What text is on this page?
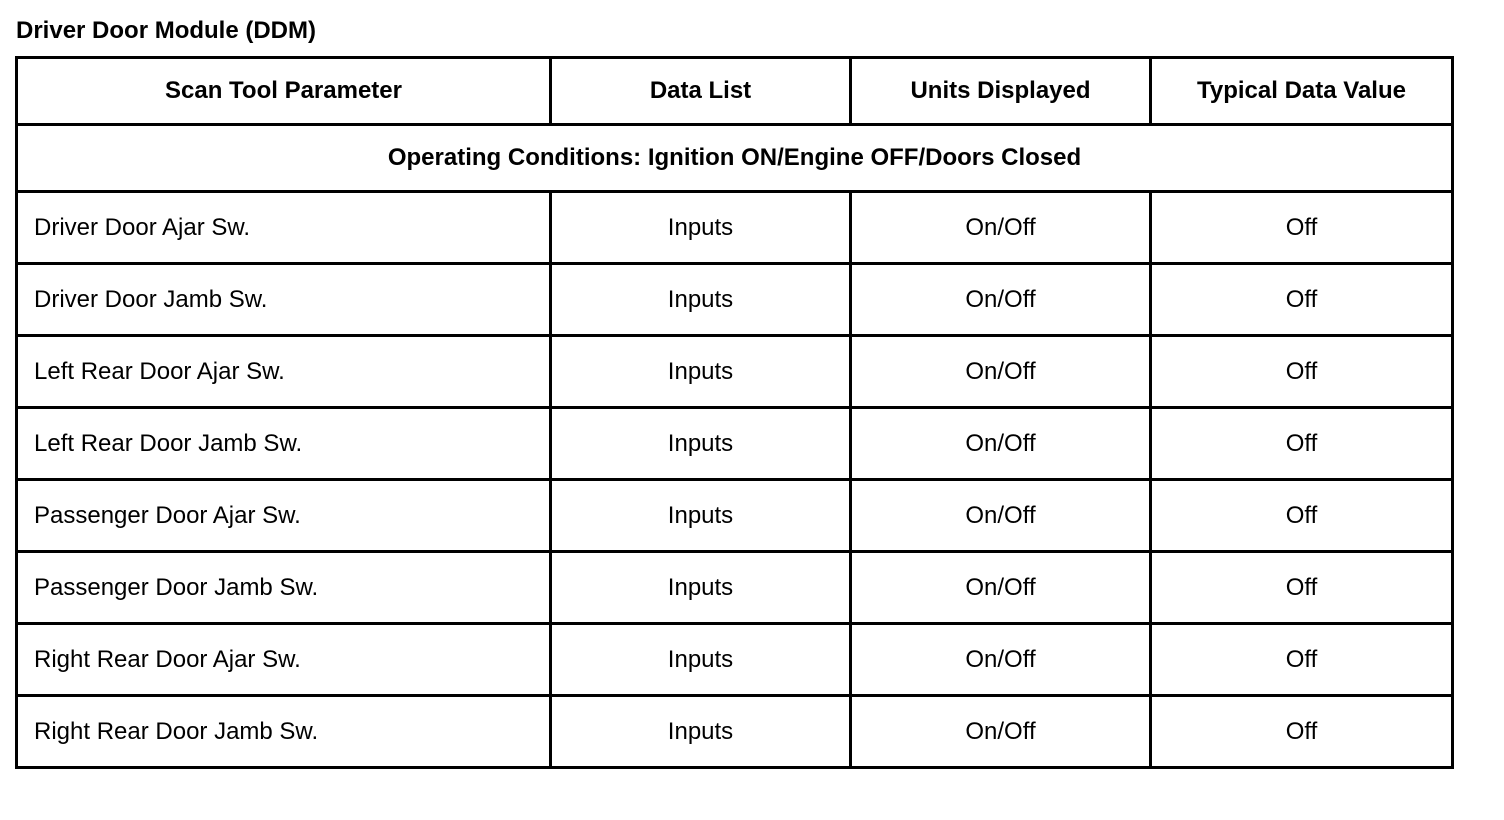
Driver Door Module (DDM)
Scan Tool Parameter	Data List	Units Displayed	Typical Data Value
Operating Conditions: Ignition ON/Engine OFF/Doors Closed			
Driver Door Ajar Sw.	Inputs	On/Off	Off
Driver Door Jamb Sw.	Inputs	On/Off	Off
Left Rear Door Ajar Sw.	Inputs	On/Off	Off
Left Rear Door Jamb Sw.	Inputs	On/Off	Off
Passenger Door Ajar Sw.	Inputs	On/Off	Off
Passenger Door Jamb Sw.	Inputs	On/Off	Off
Right Rear Door Ajar Sw.	Inputs	On/Off	Off
Right Rear Door Jamb Sw.	Inputs	On/Off	Off
